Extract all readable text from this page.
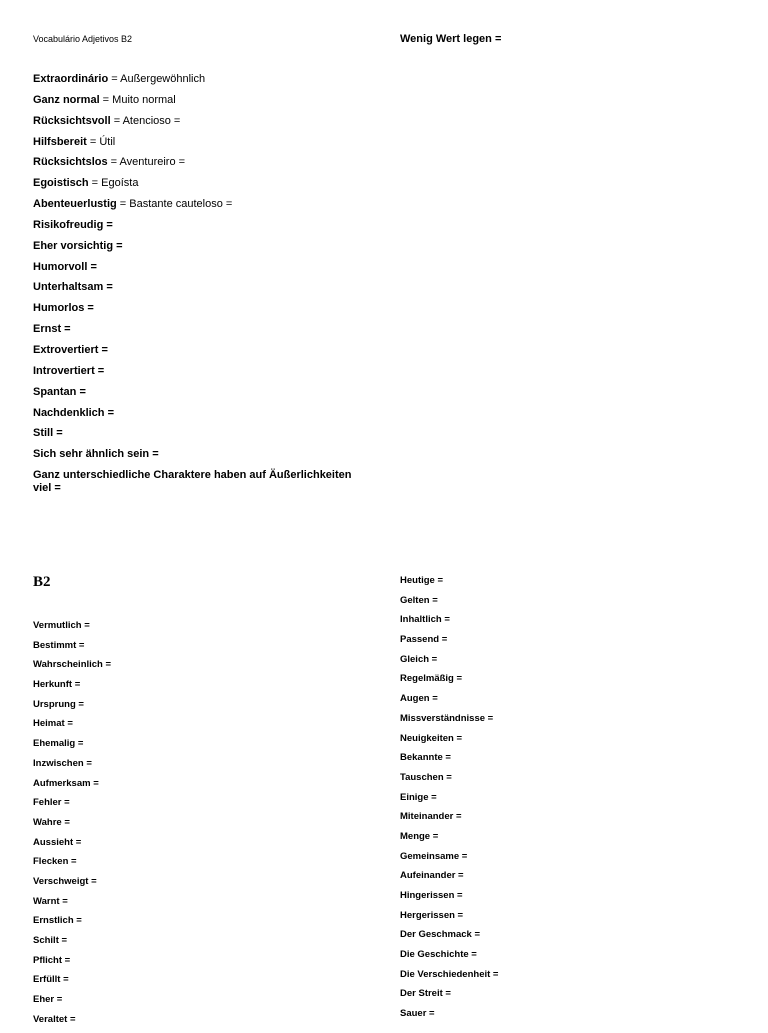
Vocabulário Adjetivos B2	Wenig Wert legen =
Extraordinário = Außergewöhnlich
Ganz normal = Muito normal
Rücksichtsvoll = Atencioso =
Hilfsbereit = Útil
Rücksichtslos = Aventureiro =
Egoistisch = Egoísta
Abenteuerlustig = Bastante cauteloso =
Risikofreudig =
Eher vorsichtig =
Humorvoll =
Unterhaltsam =
Humorlos =
Ernst =
Extrovertiert =
Introvertiert =
Spantan =
Nachdenklich =
Still =
Sich sehr ähnlich sein =
Ganz unterschiedliche Charaktere haben auf Äußerlichkeiten viel =
B2
Vermutlich =
Bestimmt =
Wahrscheinlich =
Herkunft =
Ursprung =
Heimat =
Ehemalig =
Inzwischen =
Aufmerksam =
Fehler =
Wahre =
Aussieht =
Flecken =
Verschweigt =
Warnt =
Ernstlich =
Schilt =
Pflicht =
Erfüllt =
Eher =
Veraltet =
Heutige =
Gelten =
Inhaltlich =
Passend =
Gleich =
Regelmäßig =
Augen =
Missverständnisse =
Neuigkeiten =
Bekannte =
Tauschen =
Einige =
Miteinander =
Menge =
Gemeinsame =
Aufeinander =
Hingerissen =
Hergerissen =
Der Geschmack =
Die Geschichte =
Die Verschiedenheit =
Der Streit =
Sauer =
